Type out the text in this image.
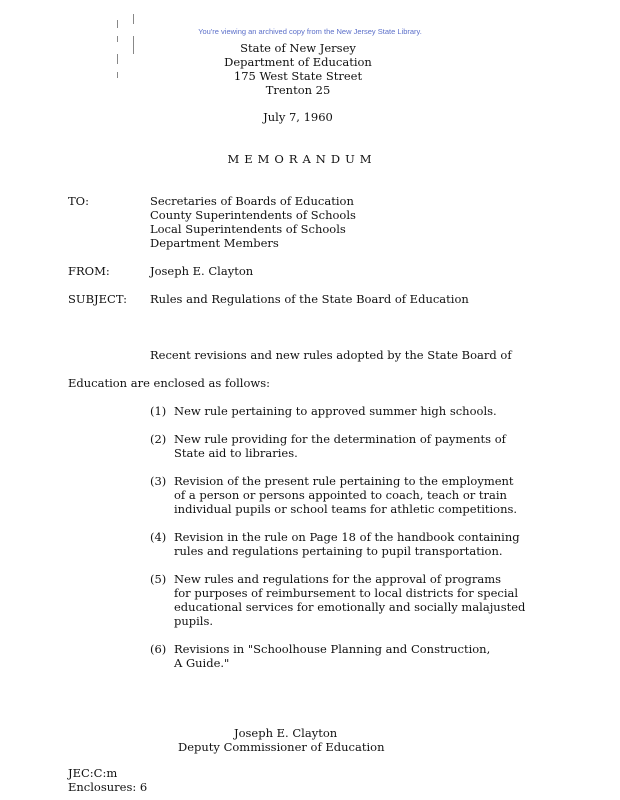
You're viewing an archived copy from the New Jersey State Library.
State of New Jersey
Department of Education
175 West State Street
Trenton 25
July 7, 1960
MEMORANDUM
TO:	Secretaries of Boards of Education
County Superintendents of Schools
Local Superintendents of Schools
Department Members
FROM:	Joseph E. Clayton
SUBJECT: Rules and Regulations of the State Board of Education
Recent revisions and new rules adopted by the State Board of
Education are enclosed as follows:
(1) New rule pertaining to approved summer high schools.
(2) New rule providing for the determination of payments of
State aid to libraries.
(3) Revision of the present rule pertaining to the employment
of a person or persons appointed to coach, teach or train
individual pupils or school teams for athletic competitions.
(4) Revision in the rule on Page 18 of the handbook containing
rules and regulations pertaining to pupil transportation.
(5) New rules and regulations for the approval of programs
for purposes of reimbursement to local districts for special
educational services for emotionally and socially malajusted
pupils.
(6) Revisions in "Schoolhouse Planning and Construction,
A Guide."
Joseph E. Clayton
Deputy Commissioner of Education
JEC:C:m
Enclosures: 6
